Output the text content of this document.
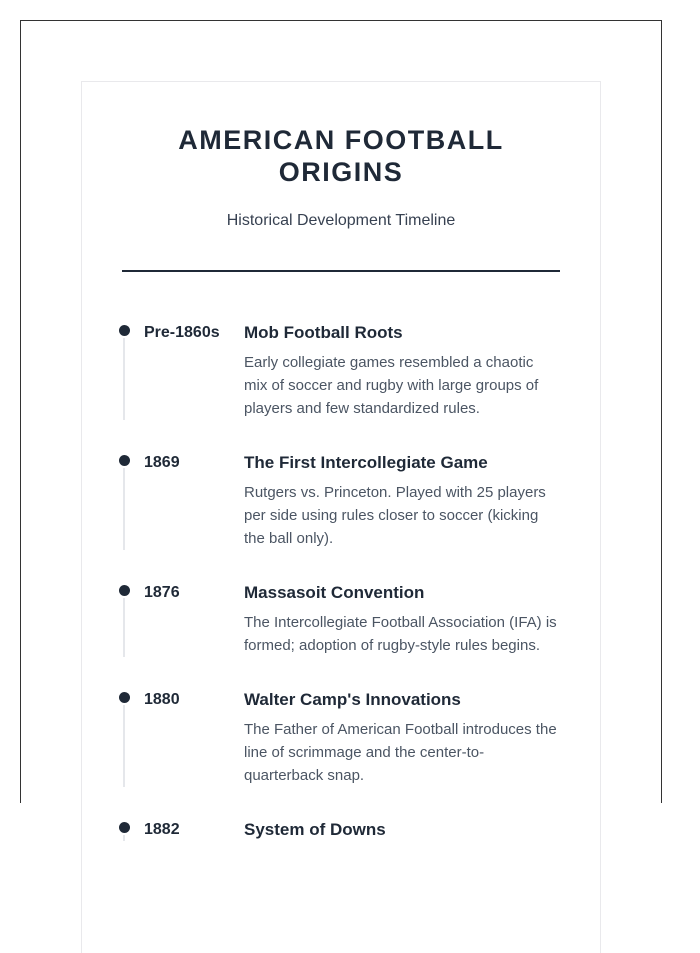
AMERICAN FOOTBALL ORIGINS

Historical Development Timeline

Pre-1860s	Mob Football Roots

Early collegiate games resembled a chaotic mix of soccer and rugby with large groups of players and few standardized rules.

1869	The First Intercollegiate Game

Rutgers vs. Princeton. Played with 25 players per side using rules closer to soccer (kicking the ball only).

1876	Massasoit Convention

The Intercollegiate Football Association (IFA) is formed; adoption of rugby-style rules begins.

1880	Walter Camp's Innovations

The Father of American Football introduces the line of scrimmage and the center-to-quarterback snap.

1882	System of Downs
